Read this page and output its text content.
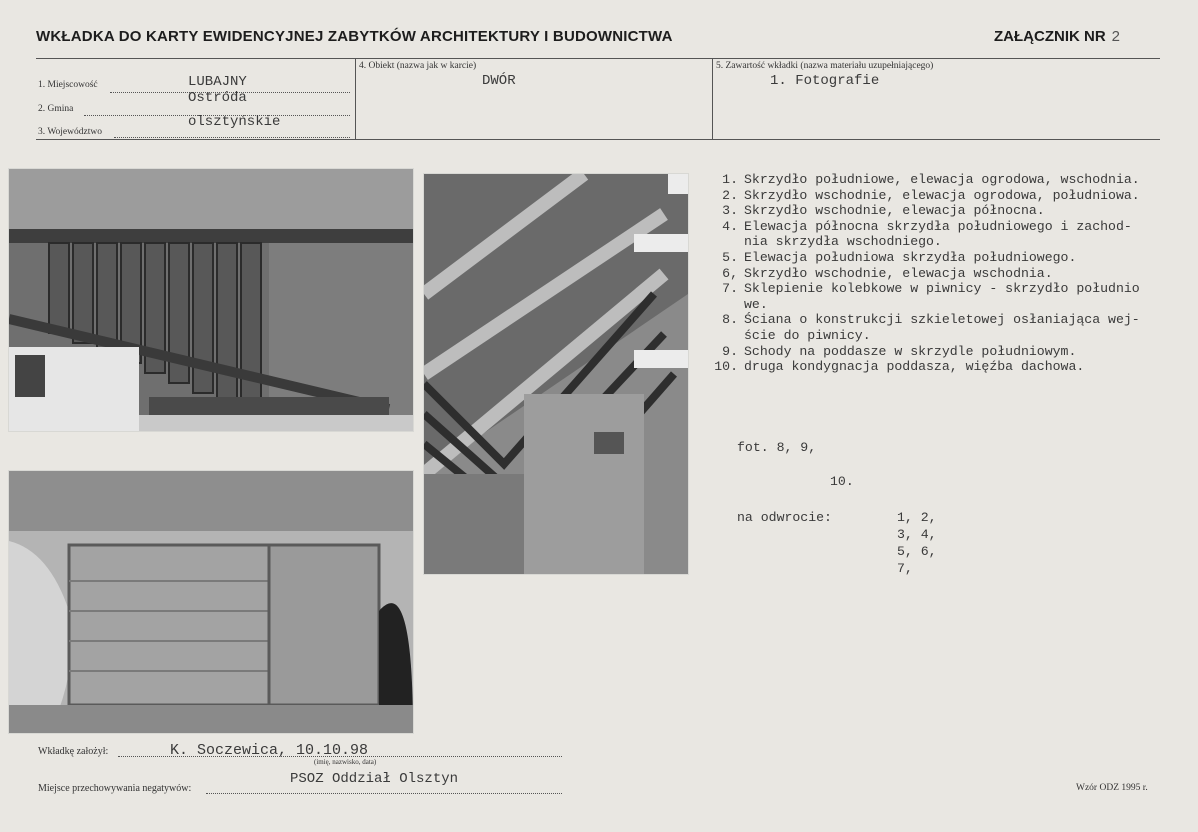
WKŁADKA DO KARTY EWIDENCYJNEJ ZABYTKÓW ARCHITEKTURY I BUDOWNICTWA	ZAŁĄCZNIK NR 2
1. Miejscowość	LUBAJNY
2. Gmina
Ostróda
3. Województwo
olsztyńskie
4. Obiekt (nazwa jak w karcie)
DWÓR
5. Zawartość wkładki (nazwa materiału uzupełniającego)
1. Fotografie
1. Skrzydło południowe, elewacja ogrodowa, wschodnia.
2. Skrzydło wschodnie, elewacja ogrodowa, południowa.
3. Skrzydło wschodnie, elewacja północna.
4. Elewacja północna skrzydła południowego i zachod-
nia skrzydła wschodniego.
5. Elewacja południowa skrzydła południowego.
6, Skrzydło wschodnie, elewacja wschodnia.
7. Sklepienie kolebkowe w piwnicy - skrzydło południo
we.
8. Ściana o konstrukcji szkieletowej osłaniająca wej-
ście do piwnicy.
9. Schody na poddasze w skrzydle południowym.
10. druga kondygnacja poddasza, więźba dachowa.
fot. 8, 9,
10.
na odwrocie:	1, 2,
3, 4,
5, 6,
7,
Wkładkę założył:	K. Soczewica, 10.10.98
(imię, nazwisko, data)
Miejsce przechowywania negatywów:
PSOZ Oddział Olsztyn
Wzór ODZ 1995 r.
